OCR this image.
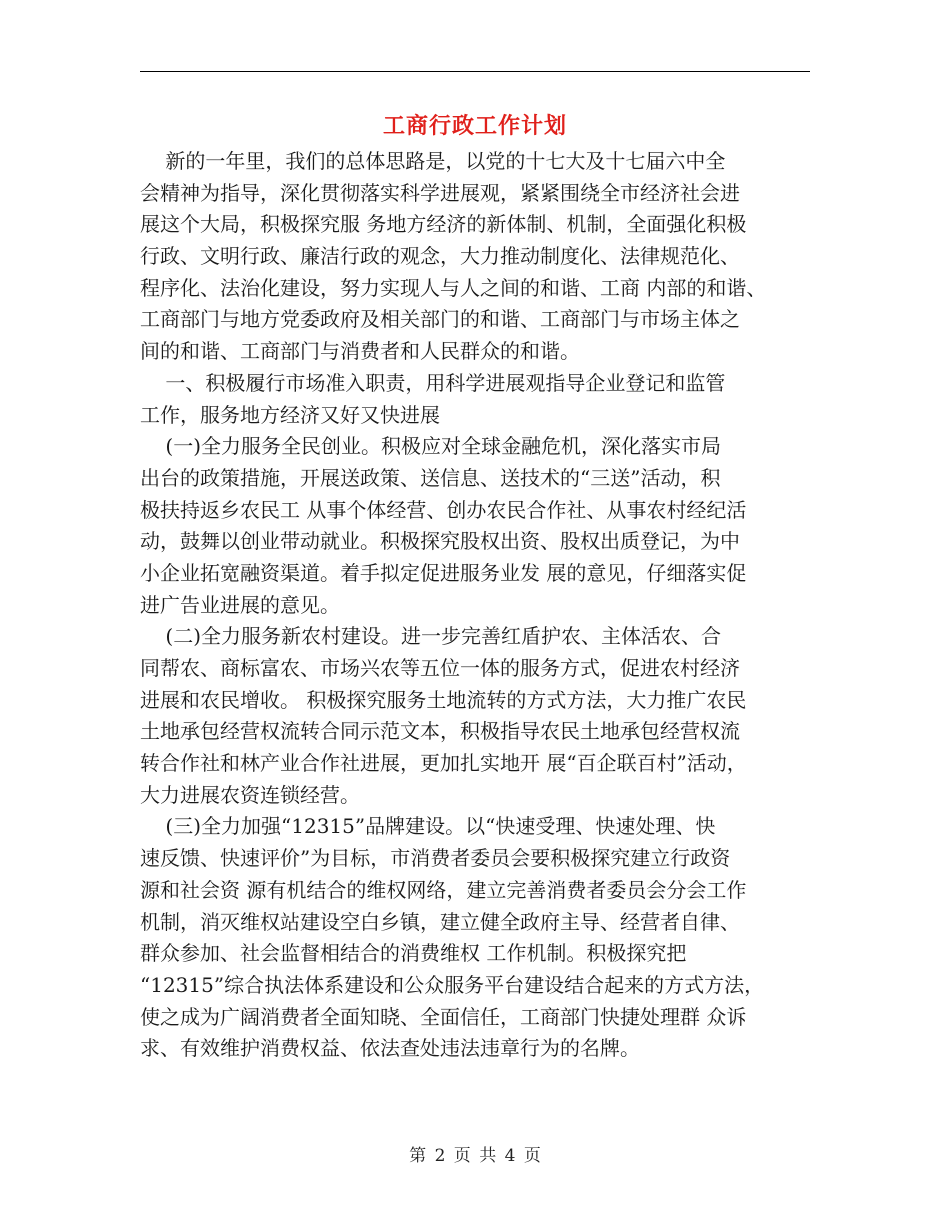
工商行政工作计划
新的一年里，我们的总体思路是，以党的十七大及十七届六中全
会精神为指导，深化贯彻落实科学进展观，紧紧围绕全市经济社会进
展这个大局，积极探究服 务地方经济的新体制、机制，全面强化积极
行政、文明行政、廉洁行政的观念，大力推动制度化、法律规范化、
程序化、法治化建设，努力实现人与人之间的和谐、工商 内部的和谐、
工商部门与地方党委政府及相关部门的和谐、工商部门与市场主体之
间的和谐、工商部门与消费者和人民群众的和谐。
一、积极履行市场准入职责，用科学进展观指导企业登记和监管
工作，服务地方经济又好又快进展
(一)全力服务全民创业。积极应对全球金融危机，深化落实市局
出台的政策措施，开展送政策、送信息、送技术的“三送”活动，积
极扶持返乡农民工 从事个体经营、创办农民合作社、从事农村经纪活
动，鼓舞以创业带动就业。积极探究股权出资、股权出质登记，为中
小企业拓宽融资渠道。着手拟定促进服务业发 展的意见，仔细落实促
进广告业进展的意见。
(二)全力服务新农村建设。进一步完善红盾护农、主体活农、合
同帮农、商标富农、市场兴农等五位一体的服务方式，促进农村经济
进展和农民增收。 积极探究服务土地流转的方式方法，大力推广农民
土地承包经营权流转合同示范文本，积极指导农民土地承包经营权流
转合作社和林产业合作社进展，更加扎实地开 展“百企联百村”活动，
大力进展农资连锁经营。
(三)全力加强“12315”品牌建设。以“快速受理、快速处理、快
速反馈、快速评价”为目标，市消费者委员会要积极探究建立行政资
源和社会资 源有机结合的维权网络，建立完善消费者委员会分会工作
机制，消灭维权站建设空白乡镇，建立健全政府主导、经营者自律、
群众参加、社会监督相结合的消费维权 工作机制。积极探究把
“12315”综合执法体系建设和公众服务平台建设结合起来的方式方法，
使之成为广阔消费者全面知晓、全面信任，工商部门快捷处理群 众诉
求、有效维护消费权益、依法查处违法违章行为的名牌。
第 2 页 共 4 页
